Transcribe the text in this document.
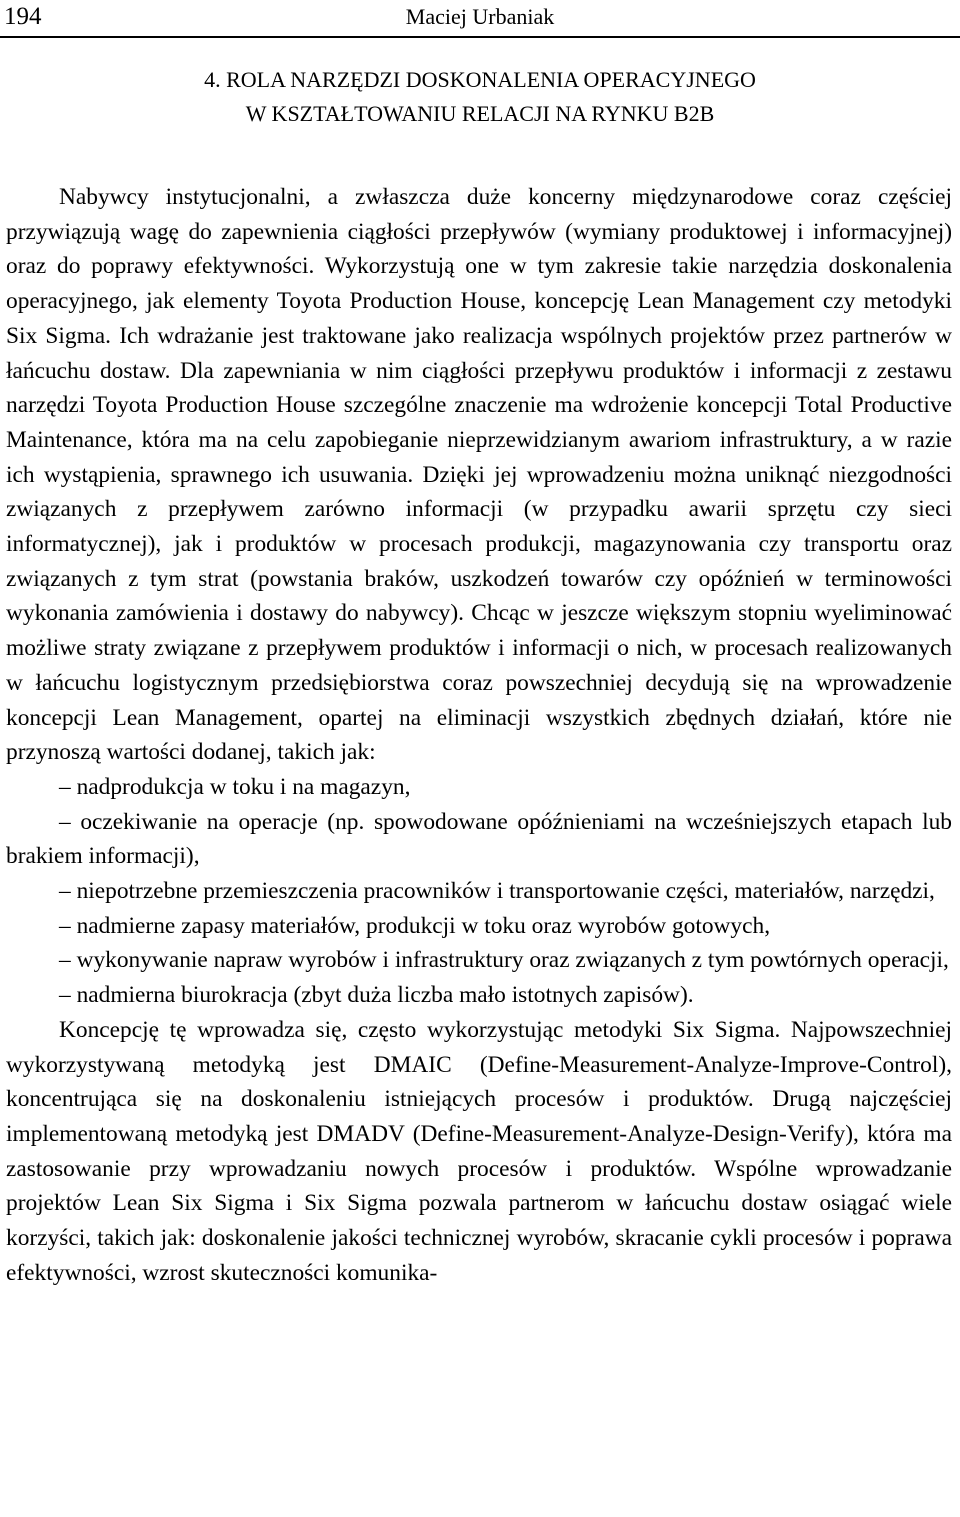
194	Maciej Urbaniak
4. ROLA NARZĘDZI DOSKONALENIA OPERACYJNEGO
W KSZTAŁTOWANIU RELACJI NA RYNKU B2B

Nabywcy instytucjonalni, a zwłaszcza duże koncerny międzynarodowe coraz częściej przywiązują wagę do zapewnienia ciągłości przepływów (wymiany produktowej i informacyjnej) oraz do poprawy efektywności. Wykorzystują one w tym zakresie takie narzędzia doskonalenia operacyjnego, jak elementy Toyota Production House, koncepcję Lean Management czy metodyki Six Sigma. Ich wdrażanie jest traktowane jako realizacja wspólnych projektów przez partnerów w łańcuchu dostaw. Dla zapewniania w nim ciągłości przepływu produktów i informacji z zestawu narzędzi Toyota Production House szczególne znaczenie ma wdrożenie koncepcji Total Productive Maintenance, która ma na celu zapobieganie nieprzewidzianym awariom infrastruktury, a w razie ich wystąpienia, sprawnego ich usuwania. Dzięki jej wprowadzeniu można uniknąć niezgodności związanych z przepływem zarówno informacji (w przypadku awarii sprzętu czy sieci informatycznej), jak i produktów w procesach produkcji, magazynowania czy transportu oraz związanych z tym strat (powstania braków, uszkodzeń towarów czy opóźnień w terminowości wykonania zamówienia i dostawy do nabywcy). Chcąc w jeszcze większym stopniu wyeliminować możliwe straty związane z przepływem produktów i informacji o nich, w procesach realizowanych w łańcuchu logistycznym przedsiębiorstwa coraz powszechniej decydują się na wprowadzenie koncepcji Lean Management, opartej na eliminacji wszystkich zbędnych działań, które nie przynoszą wartości dodanej, takich jak:

– nadprodukcja w toku i na magazyn,
– oczekiwanie na operacje (np. spowodowane opóźnieniami na wcześniejszych etapach lub brakiem informacji),
– niepotrzebne przemieszczenia pracowników i transportowanie części, materiałów, narzędzi,
– nadmierne zapasy materiałów, produkcji w toku oraz wyrobów gotowych,
– wykonywanie napraw wyrobów i infrastruktury oraz związanych z tym powtórnych operacji,
– nadmierna biurokracja (zbyt duża liczba mało istotnych zapisów).

Koncepcję tę wprowadza się, często wykorzystując metodyki Six Sigma. Najpowszechniej wykorzystywaną metodyką jest DMAIC (Define-Measurement-Analyze-Improve-Control), koncentrująca się na doskonaleniu istniejących procesów i produktów. Drugą najczęściej implementowaną metodyką jest DMADV (Define-Measurement-Analyze-Design-Verify), która ma zastosowanie przy wprowadzaniu nowych procesów i produktów. Wspólne wprowadzanie projektów Lean Six Sigma i Six Sigma pozwala partnerom w łańcuchu dostaw osiągać wiele korzyści, takich jak: doskonalenie jakości technicznej wyrobów, skracanie cykli procesów i poprawa efektywności, wzrost skuteczności komunika-
